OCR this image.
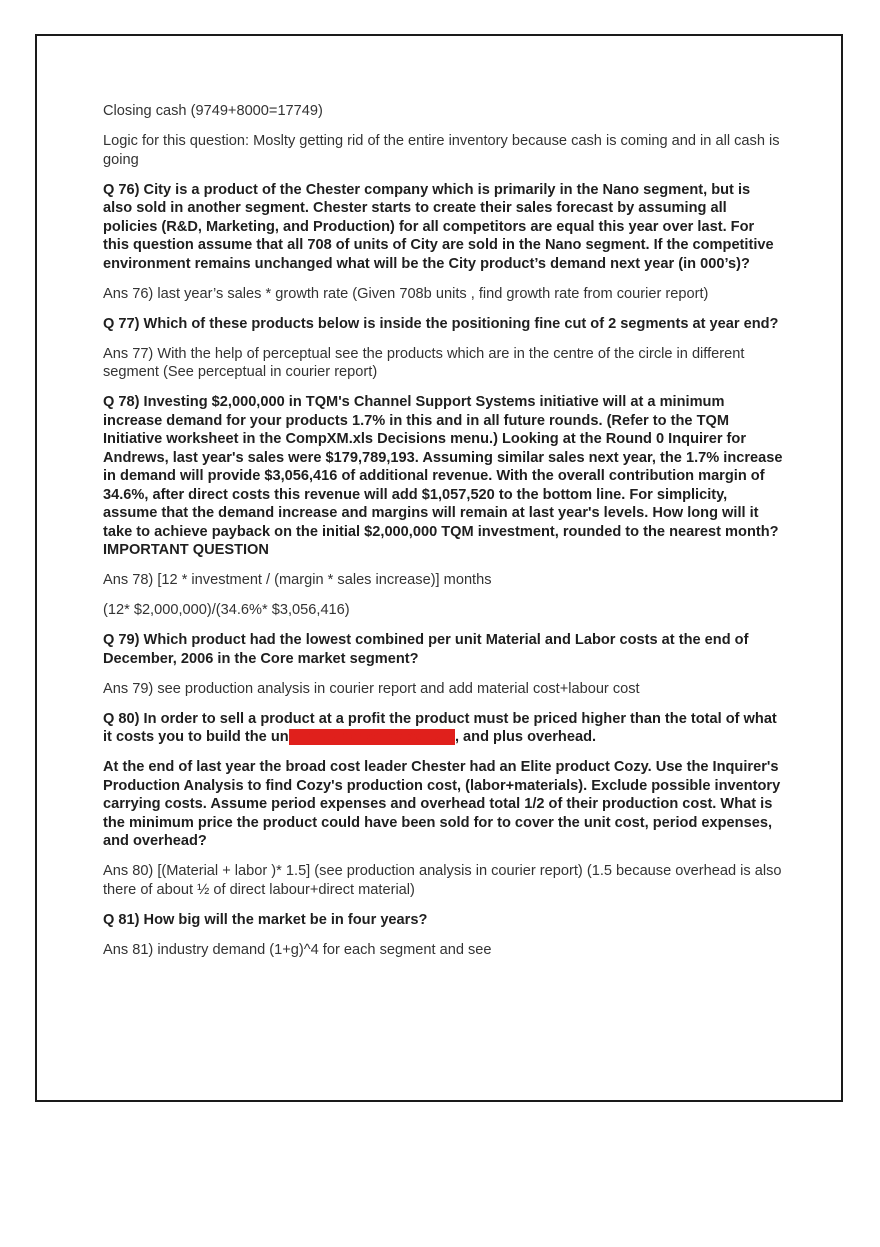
Closing cash (9749+8000=17749)

Logic for this question: Moslty getting rid of the entire inventory because cash is coming and in all cash is going

Q 76) City is a product of the Chester company which is primarily in the Nano segment, but is also sold in another segment. Chester starts to create their sales forecast by assuming all policies (R&D, Marketing, and Production) for all competitors are equal this year over last. For this question assume that all 708 of units of City are sold in the Nano segment. If the competitive environment remains unchanged what will be the City product’s demand next year (in 000’s)?

Ans 76) last year’s sales * growth rate (Given 708b units , find growth rate from courier report)

Q 77) Which of these products below is inside the positioning fine cut of 2 segments at year end?

Ans 77) With the help of perceptual see the products which are in the centre of the circle in different segment (See perceptual in courier report)

Q 78) Investing $2,000,000 in TQM's Channel Support Systems initiative will at a minimum increase demand for your products 1.7% in this and in all future rounds. (Refer to the TQM Initiative worksheet in the CompXM.xls Decisions menu.) Looking at the Round 0 Inquirer for Andrews, last year's sales were $179,789,193. Assuming similar sales next year, the 1.7% increase in demand will provide $3,056,416 of additional revenue. With the overall contribution margin of 34.6%, after direct costs this revenue will add $1,057,520 to the bottom line. For simplicity, assume that the demand increase and margins will remain at last year's levels. How long will it take to achieve payback on the initial $2,000,000 TQM investment, rounded to the nearest month? IMPORTANT QUESTION

Ans 78) [12 * investment / (margin * sales increase)] months

(12* $2,000,000)/(34.6%* $3,056,416)

Q 79) Which product had the lowest combined per unit Material and Labor costs at the end of December, 2006 in the Core market segment?

Ans 79) see production analysis in courier report and add material cost+labour cost

Q 80) In order to sell a product at a profit the product must be priced higher than the total of what it costs you to build the unit, plus period expenses, and plus overhead.

At the end of last year the broad cost leader Chester had an Elite product Cozy. Use the Inquirer's Production Analysis to find Cozy's production cost, (labor+materials). Exclude possible inventory carrying costs. Assume period expenses and overhead total 1/2 of their production cost. What is the minimum price the product could have been sold for to cover the unit cost, period expenses, and overhead?

Ans 80) [(Material + labor )* 1.5] (see production analysis in courier report) (1.5 because overhead is also there of about ½ of direct labour+direct material)

Q 81) How big will the market be in four years?

Ans 81) industry demand (1+g)^4 for each segment and see
